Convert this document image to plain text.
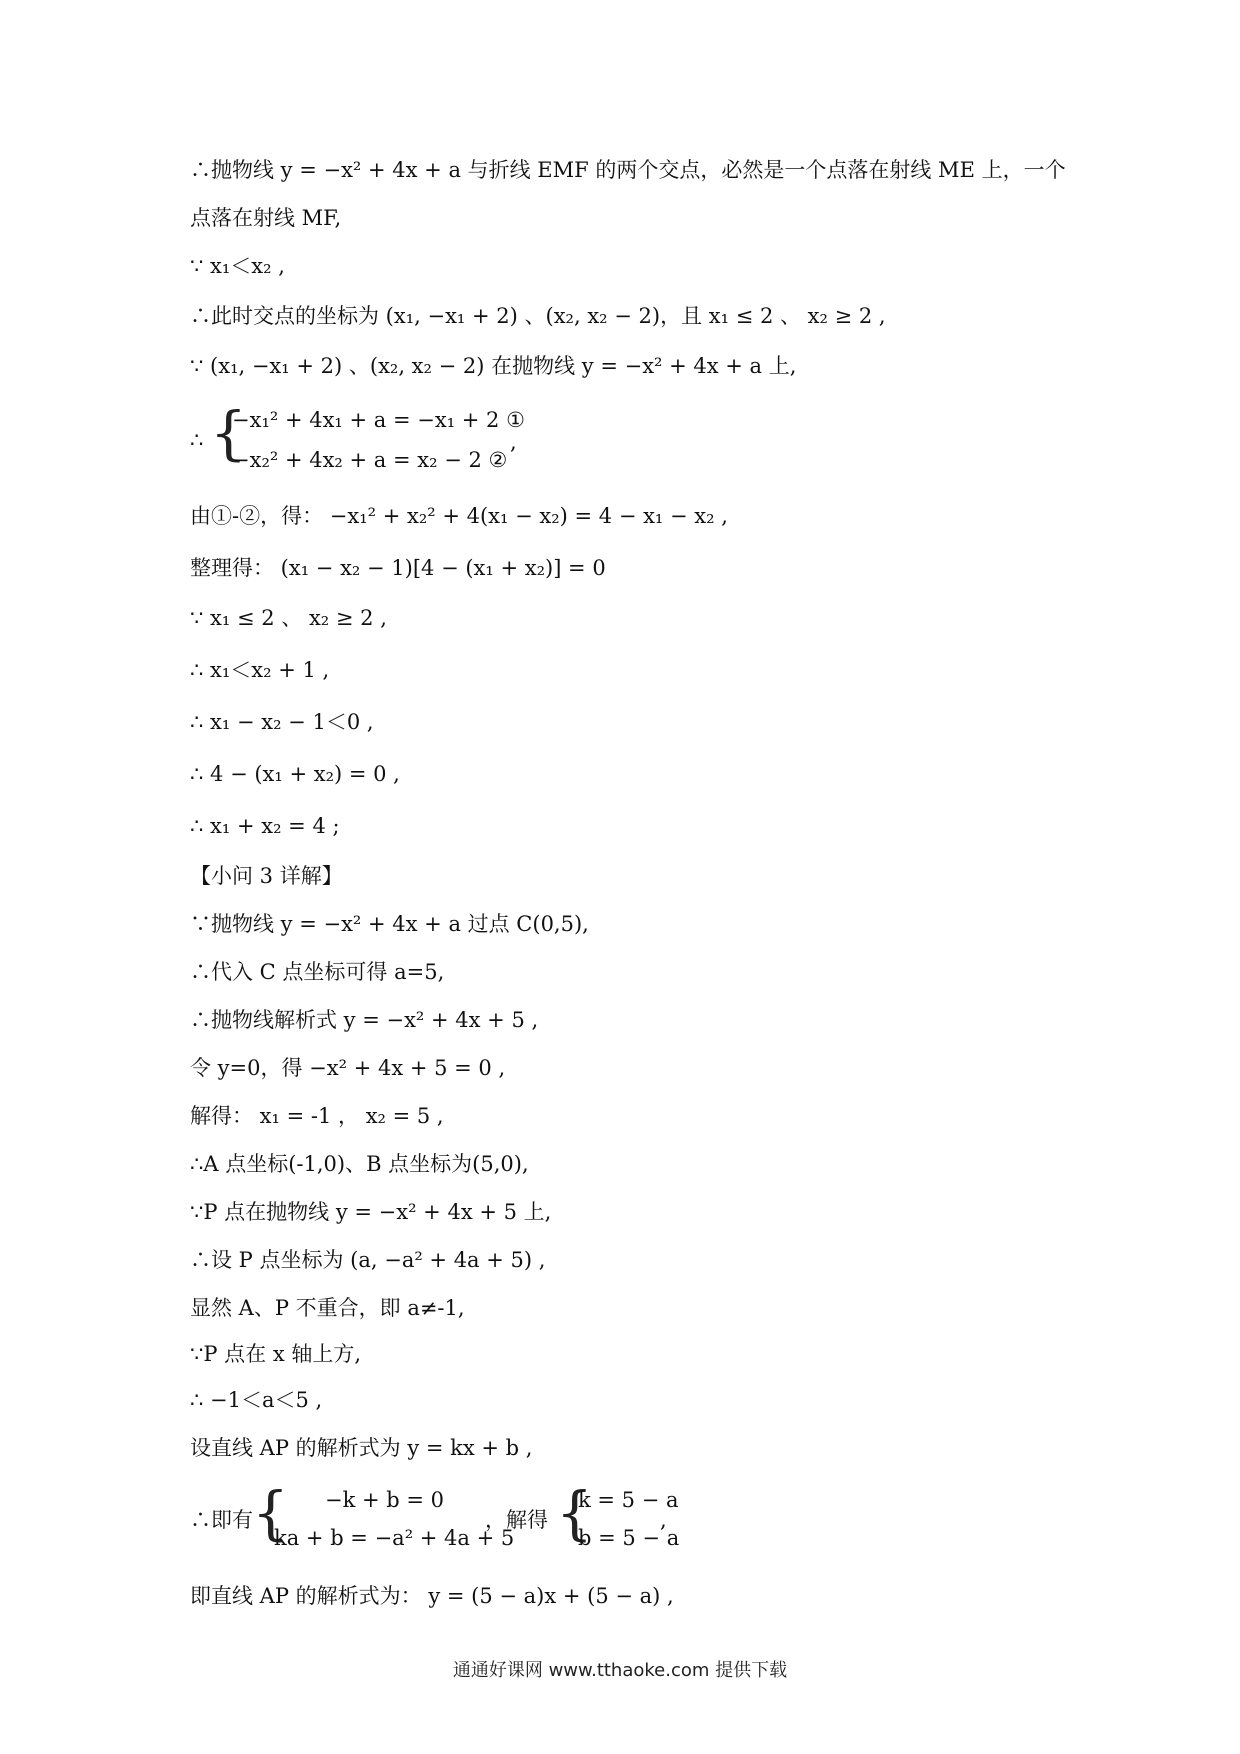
∴抛物线 y = −x² + 4x + a 与折线 EMF 的两个交点，必然是一个点落在射线 ME 上，一个
点落在射线 MF,
∵ x₁＜x₂ ,
∴此时交点的坐标为 (x₁, −x₁ + 2) 、(x₂, x₂ − 2)，且 x₁ ≤ 2 、 x₂ ≥ 2 ,
∵ (x₁, −x₁ + 2) 、(x₂, x₂ − 2) 在抛物线 y = −x² + 4x + a 上,
∴ {
−x₁² + 4x₁ + a = −x₁ + 2 ①
−x₂² + 4x₂ + a = x₂ − 2 ②
,
由①-②，得： −x₁² + x₂² + 4(x₁ − x₂) = 4 − x₁ − x₂ ,
整理得： (x₁ − x₂ − 1)[4 − (x₁ + x₂)] = 0
∵ x₁ ≤ 2 、 x₂ ≥ 2 ,
∴ x₁＜x₂ + 1 ,
∴ x₁ − x₂ − 1＜0 ,
∴ 4 − (x₁ + x₂) = 0 ,
∴ x₁ + x₂ = 4 ;
【小问 3 详解】
∵抛物线 y = −x² + 4x + a 过点 C(0,5),
∴代入 C 点坐标可得 a=5,
∴抛物线解析式 y = −x² + 4x + 5 ,
令 y=0，得 −x² + 4x + 5 = 0 ,
解得： x₁ = -1 ， x₂ = 5 ,
∴A 点坐标(-1,0)、B 点坐标为(5,0),
∵P 点在抛物线 y = −x² + 4x + 5 上,
∴设 P 点坐标为 (a, −a² + 4a + 5) ,
显然 A、P 不重合，即 a≠-1,
∵P 点在 x 轴上方,
∴ −1＜a＜5 ,
设直线 AP 的解析式为 y = kx + b ,
∴即有 { −k + b = 0
ka + b = −a² + 4a + 5
，解得 {
k = 5 − a
b = 5 − a
,
即直线 AP 的解析式为： y = (5 − a)x + (5 − a) ,
通通好课网 www.tthaoke.com 提供下载
